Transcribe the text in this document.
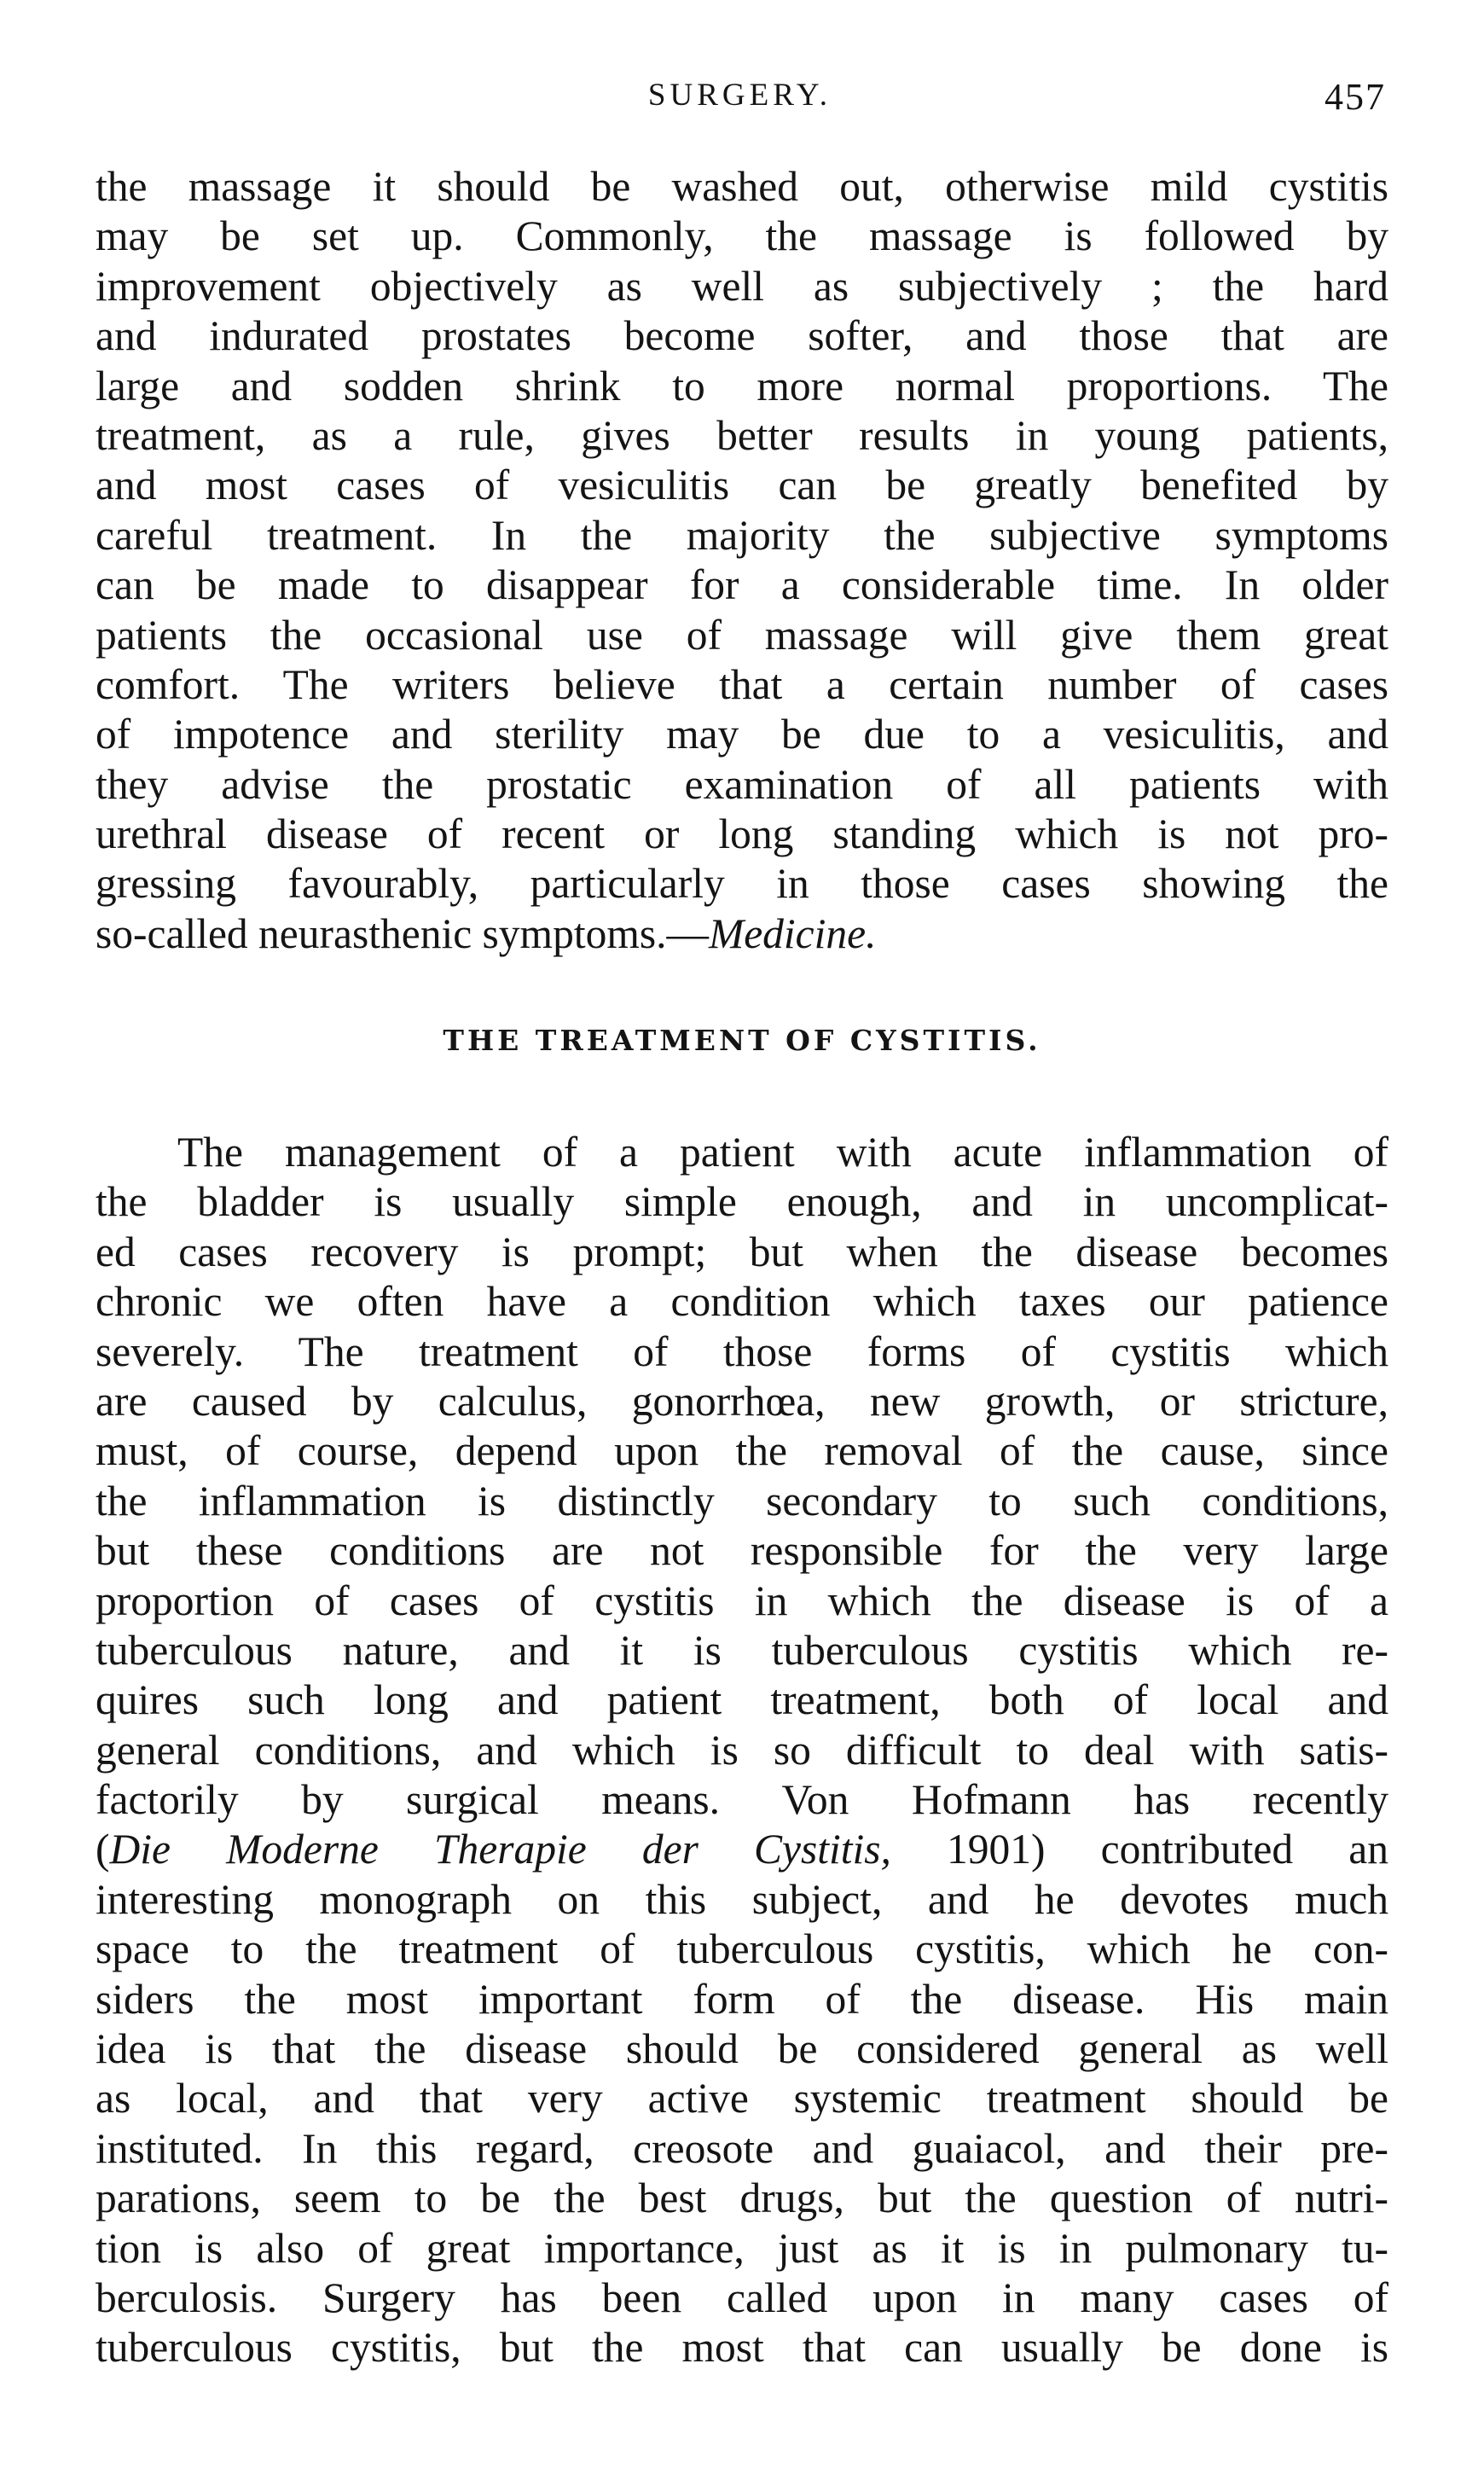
SURGERY.	457
the massage it should be washed out, otherwise mild cystitis
may be set up. Commonly, the massage is followed by
improvement objectively as well as subjectively ; the hard
and indurated prostates become softer, and those that are
large and sodden shrink to more normal proportions. The
treatment, as a rule, gives better results in young patients,
and most cases of vesiculitis can be greatly benefited by
careful treatment. In the majority the subjective symptoms
can be made to disappear for a considerable time. In older
patients the occasional use of massage will give them great
comfort. The writers believe that a certain number of cases
of impotence and sterility may be due to a vesiculitis, and
they advise the prostatic examination of all patients with
urethral disease of recent or long standing which is not pro-
gressing favourably, particularly in those cases showing the
so-called neurasthenic symptoms.—Medicine.
THE TREATMENT OF CYSTITIS.
The management of a patient with acute inflammation of
the bladder is usually simple enough, and in uncomplicat-
ed cases recovery is prompt; but when the disease becomes
chronic we often have a condition which taxes our patience
severely. The treatment of those forms of cystitis which
are caused by calculus, gonorrhœa, new growth, or stricture,
must, of course, depend upon the removal of the cause, since
the inflammation is distinctly secondary to such conditions,
but these conditions are not responsible for the very large
proportion of cases of cystitis in which the disease is of a
tuberculous nature, and it is tuberculous cystitis which re-
quires such long and patient treatment, both of local and
general conditions, and which is so difficult to deal with satis-
factorily by surgical means. Von Hofmann has recently
(Die Moderne Therapie der Cystitis, 1901) contributed an
interesting monograph on this subject, and he devotes much
space to the treatment of tuberculous cystitis, which he con-
siders the most important form of the disease. His main
idea is that the disease should be considered general as well
as local, and that very active systemic treatment should be
instituted. In this regard, creosote and guaiacol, and their pre-
parations, seem to be the best drugs, but the question of nutri-
tion is also of great importance, just as it is in pulmonary tu-
berculosis. Surgery has been called upon in many cases of
tuberculous cystitis, but the most that can usually be done is
